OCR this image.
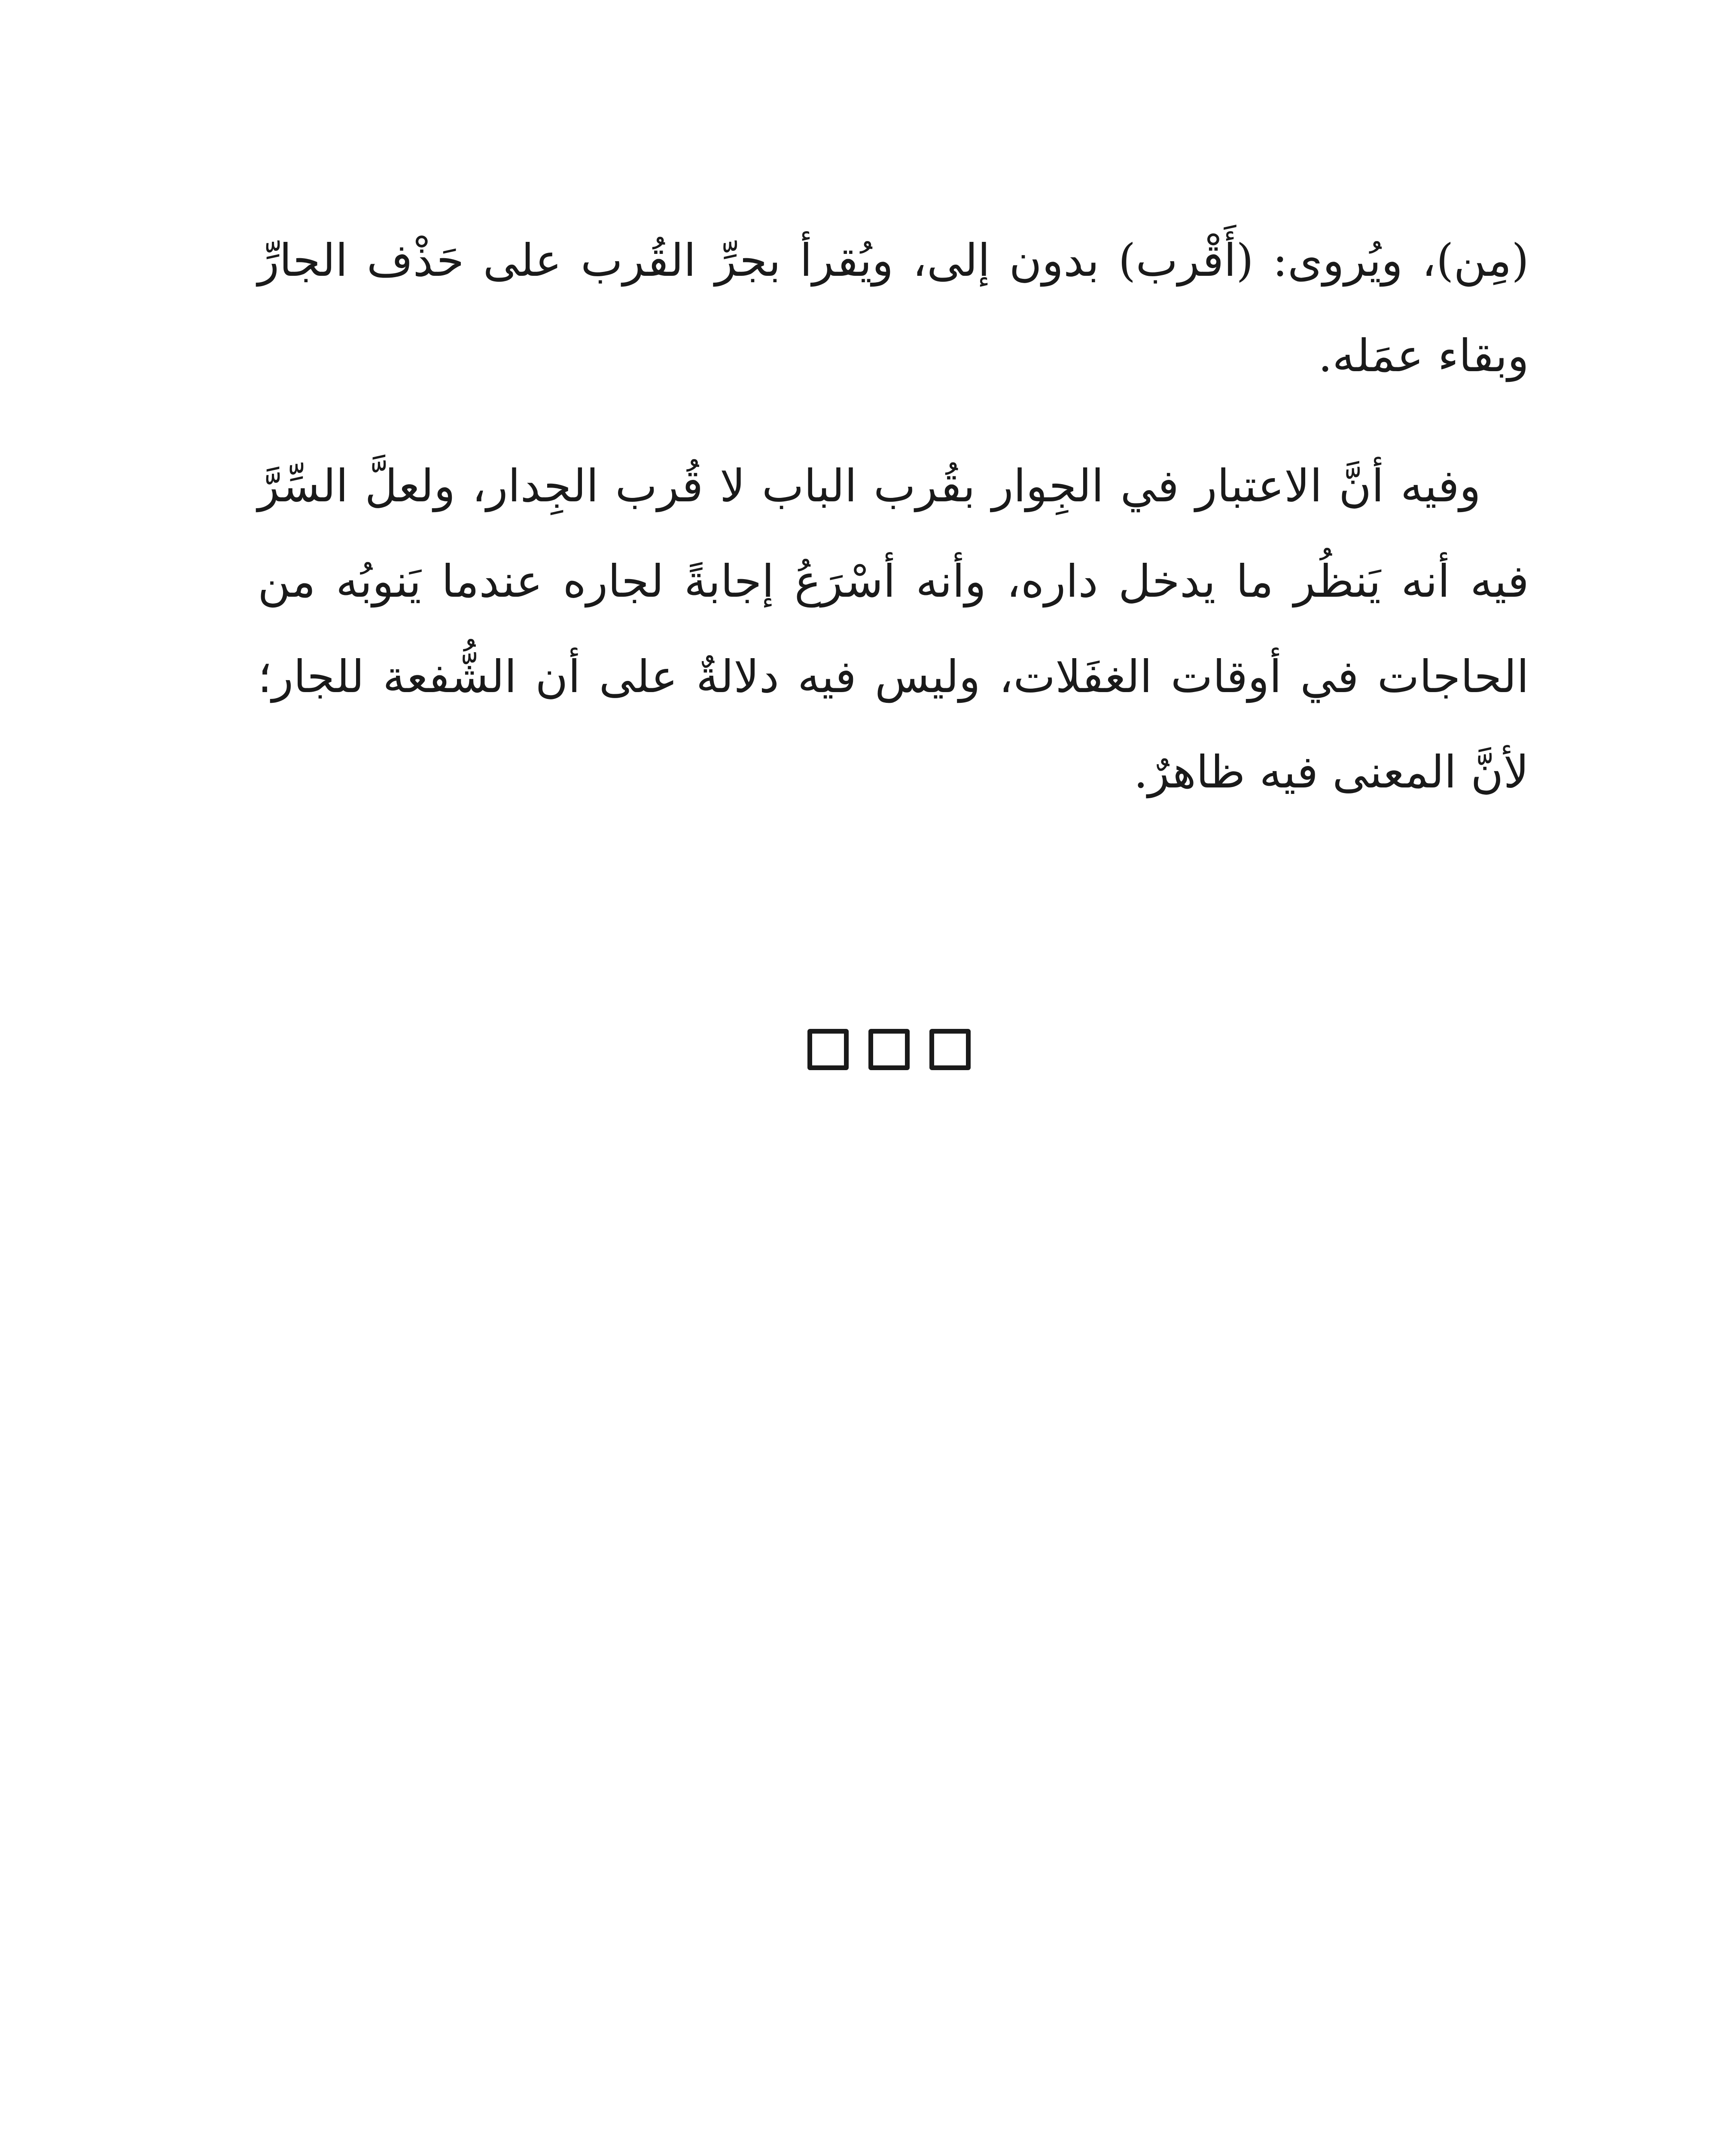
(مِن)، ويُروى: (أَقْرب) بدون إلى، ويُقرأ بجرِّ القُرب على حَذْف الجارِّ وبقاء عمَله.

وفيه أنَّ الاعتبار في الجِوار بقُرب الباب لا قُرب الجِدار، ولعلَّ السِّرَّ فيه أنه يَنظُر ما يدخل داره، وأنه أسْرَعُ إجابةً لجاره عندما يَنوبُه من الحاجات في أوقات الغفَلات، وليس فيه دلالةٌ على أن الشُّفعة للجار؛ لأنَّ المعنى فيه ظاهرٌ.
